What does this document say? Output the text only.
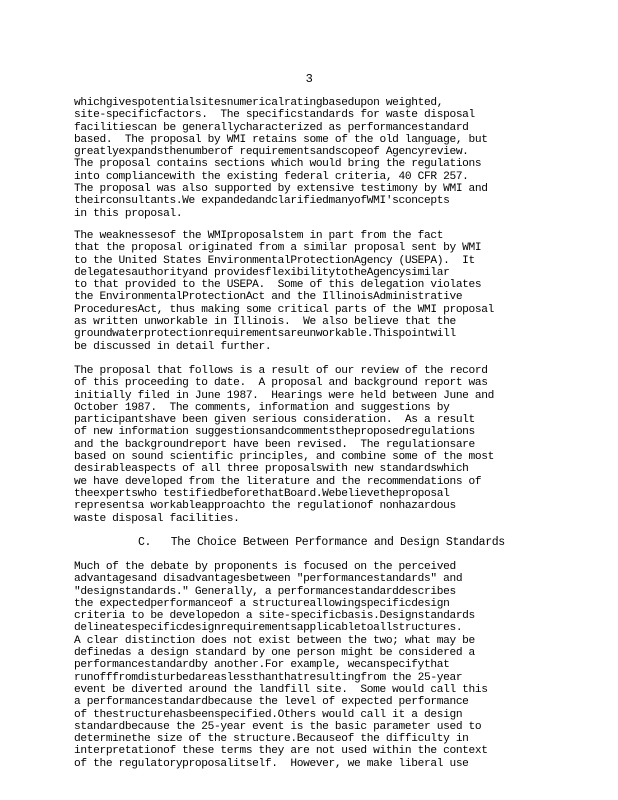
3
whichgivespotentialsitesnumericalratingbasedupon weighted,
site-specificfactors.  The specificstandards for waste disposal
facilitiescan be generallycharacterized as performancestandard
based.  The proposal by WMI retains some of the old language, but
greatlyexpandsthenumberof requirementsandscopeof Agencyreview.
The proposal contains sections which would bring the regulations
into compliancewith the existing federal criteria, 40 CFR 257.
The proposal was also supported by extensive testimony by WMI and
theirconsultants.We expandedandclarifiedmanyofWMI'sconcepts
in this proposal.
The weaknessesof the WMIproposalstem in part from the fact
that the proposal originated from a similar proposal sent by WMI
to the United States EnvironmentalProtectionAgency (USEPA).  It
delegatesauthorityand providesflexibilitytotheAgencysimilar
to that provided to the USEPA.  Some of this delegation violates
the EnvironmentalProtectionAct and the IllinoisAdministrative
ProceduresAct, thus making some critical parts of the WMI proposal
as written unworkable in Illinois.  We also believe that the
groundwaterprotectionrequirementsareunworkable.Thispointwill
be discussed in detail further.
The proposal that follows is a result of our review of the record
of this proceeding to date.  A proposal and background report was
initially filed in June 1987.  Hearings were held between June and
October 1987.  The comments, information and suggestions by
participantshave been given serious consideration.  As a result
of new information suggestionsandcommentstheproposedregulations
and the backgroundreport have been revised.  The regulationsare
based on sound scientific principles, and combine some of the most
desirableaspects of all three proposalswith new standardswhich
we have developed from the literature and the recommendations of
theexpertswho testifiedbeforethatBoard.Webelievetheproposal
representsa workableapproachto the regulationof nonhazardous
waste disposal facilities.
C.   The Choice Between Performance and Design Standards
Much of the debate by proponents is focused on the perceived
advantagesand disadvantagesbetween "performancestandards" and
"designstandards." Generally, a performancestandarddescribes
the expectedperformanceof a structureallowingspecificdesign
criteria to be developedon a site-specificbasis.Designstandards
delineatespecificdesignrequirementsapplicabletoallstructures.
A clear distinction does not exist between the two; what may be
definedas a design standard by one person might be considered a
performancestandardby another.For example, wecanspecifythat
runofffromdisturbedareaslessthanthatresultingfrom the 25-year
event be diverted around the landfill site.  Some would call this
a performancestandardbecause the level of expected performance
of thestructurehasbeenspecified.Others would call it a design
standardbecause the 25-year event is the basic parameter used to
determinethe size of the structure.Becauseof the difficulty in
interpretationof these terms they are not used within the context
of the regulatoryproposalitself.  However, we make liberal use
